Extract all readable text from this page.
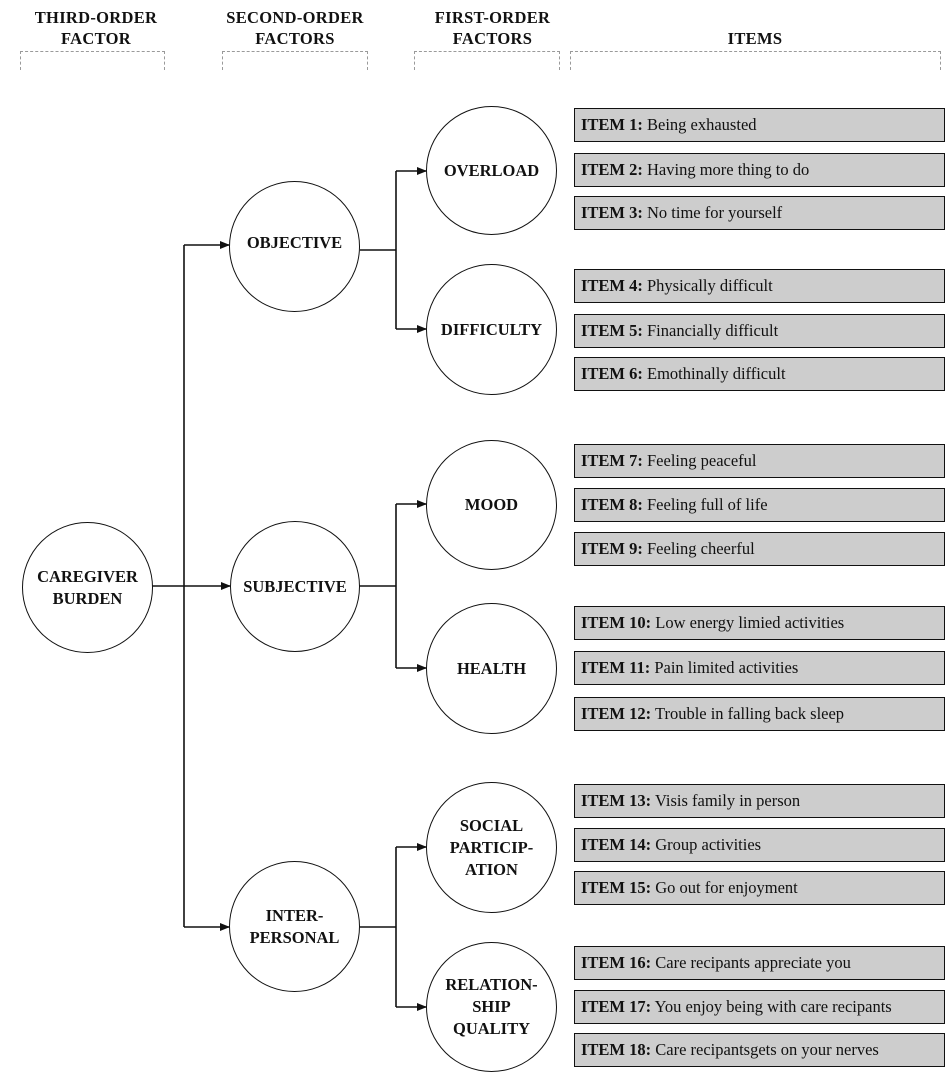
THIRD-ORDER
FACTOR
SECOND-ORDER
FACTORS
FIRST-ORDER
FACTORS	ITEMS
CAREGIVER
BURDEN
OBJECTIVE
SUBJECTIVE
INTER-
PERSONAL
OVERLOAD
DIFFICULTY
MOOD
HEALTH
SOCIAL
PARTICIP-
ATION
RELATION-
SHIP
QUALITY
ITEM 1: Being exhausted
ITEM 2: Having more thing to do
ITEM 3: No time for yourself
ITEM 4: Physically difficult
ITEM 5: Financially difficult
ITEM 6: Emothinally difficult
ITEM 7: Feeling peaceful
ITEM 8: Feeling full of life
ITEM 9: Feeling cheerful
ITEM 10: Low energy limied activities
ITEM 11: Pain limited activities
ITEM 12: Trouble in falling back sleep
ITEM 13: Visis family in person
ITEM 14: Group activities
ITEM 15: Go out for enjoyment
ITEM 16: Care recipants appreciate you
ITEM 17: You enjoy being with care recipants
ITEM 18: Care recipantsgets on your nerves
